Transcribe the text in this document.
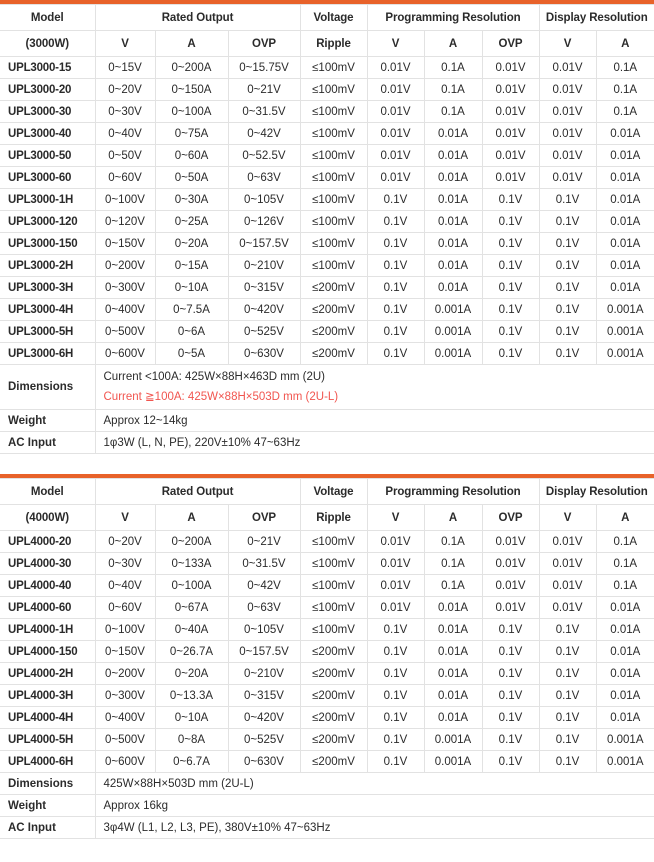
Model	Rated Output			Voltage	Programming Resolution			Display Resolution	
(3000W)	V	A	OVP	Ripple	V	A	OVP	V	A
UPL3000-15	0~15V	0~200A	0~15.75V	≤100mV	0.01V	0.1A	0.01V	0.01V	0.1A
UPL3000-20	0~20V	0~150A	0~21V	≤100mV	0.01V	0.1A	0.01V	0.01V	0.1A
UPL3000-30	0~30V	0~100A	0~31.5V	≤100mV	0.01V	0.1A	0.01V	0.01V	0.1A
UPL3000-40	0~40V	0~75A	0~42V	≤100mV	0.01V	0.01A	0.01V	0.01V	0.01A
UPL3000-50	0~50V	0~60A	0~52.5V	≤100mV	0.01V	0.01A	0.01V	0.01V	0.01A
UPL3000-60	0~60V	0~50A	0~63V	≤100mV	0.01V	0.01A	0.01V	0.01V	0.01A
UPL3000-1H	0~100V	0~30A	0~105V	≤100mV	0.1V	0.01A	0.1V	0.1V	0.01A
UPL3000-120	0~120V	0~25A	0~126V	≤100mV	0.1V	0.01A	0.1V	0.1V	0.01A
UPL3000-150	0~150V	0~20A	0~157.5V	≤100mV	0.1V	0.01A	0.1V	0.1V	0.01A
UPL3000-2H	0~200V	0~15A	0~210V	≤100mV	0.1V	0.01A	0.1V	0.1V	0.01A
UPL3000-3H	0~300V	0~10A	0~315V	≤200mV	0.1V	0.01A	0.1V	0.1V	0.01A
UPL3000-4H	0~400V	0~7.5A	0~420V	≤200mV	0.1V	0.001A	0.1V	0.1V	0.001A
UPL3000-5H	0~500V	0~6A	0~525V	≤200mV	0.1V	0.001A	0.1V	0.1V	0.001A
UPL3000-6H	0~600V	0~5A	0~630V	≤200mV	0.1V	0.001A	0.1V	0.1V	0.001A
Dimensions	Current <100A: 425W×88H×463D mm (2U)
Current ≧100A: 425W×88H×503D mm (2U-L)								

Weight	Approx 12~14kg								
AC Input	1φ3W (L, N, PE), 220V±10% 47~63Hz								
Model	Rated Output			Voltage	Programming Resolution			Display Resolution	
(4000W)	V	A	OVP	Ripple	V	A	OVP	V	A
UPL4000-20	0~20V	0~200A	0~21V	≤100mV	0.01V	0.1A	0.01V	0.01V	0.1A
UPL4000-30	0~30V	0~133A	0~31.5V	≤100mV	0.01V	0.1A	0.01V	0.01V	0.1A
UPL4000-40	0~40V	0~100A	0~42V	≤100mV	0.01V	0.1A	0.01V	0.01V	0.1A
UPL4000-60	0~60V	0~67A	0~63V	≤100mV	0.01V	0.01A	0.01V	0.01V	0.01A
UPL4000-1H	0~100V	0~40A	0~105V	≤100mV	0.1V	0.01A	0.1V	0.1V	0.01A
UPL4000-150	0~150V	0~26.7A	0~157.5V	≤200mV	0.1V	0.01A	0.1V	0.1V	0.01A
UPL4000-2H	0~200V	0~20A	0~210V	≤200mV	0.1V	0.01A	0.1V	0.1V	0.01A
UPL4000-3H	0~300V	0~13.3A	0~315V	≤200mV	0.1V	0.01A	0.1V	0.1V	0.01A
UPL4000-4H	0~400V	0~10A	0~420V	≤200mV	0.1V	0.01A	0.1V	0.1V	0.01A
UPL4000-5H	0~500V	0~8A	0~525V	≤200mV	0.1V	0.001A	0.1V	0.1V	0.001A
UPL4000-6H	0~600V	0~6.7A	0~630V	≤200mV	0.1V	0.001A	0.1V	0.1V	0.001A
Dimensions	425W×88H×503D mm (2U-L)								
Weight	Approx 16kg								
AC Input	3φ4W (L1, L2, L3, PE), 380V±10% 47~63Hz								
